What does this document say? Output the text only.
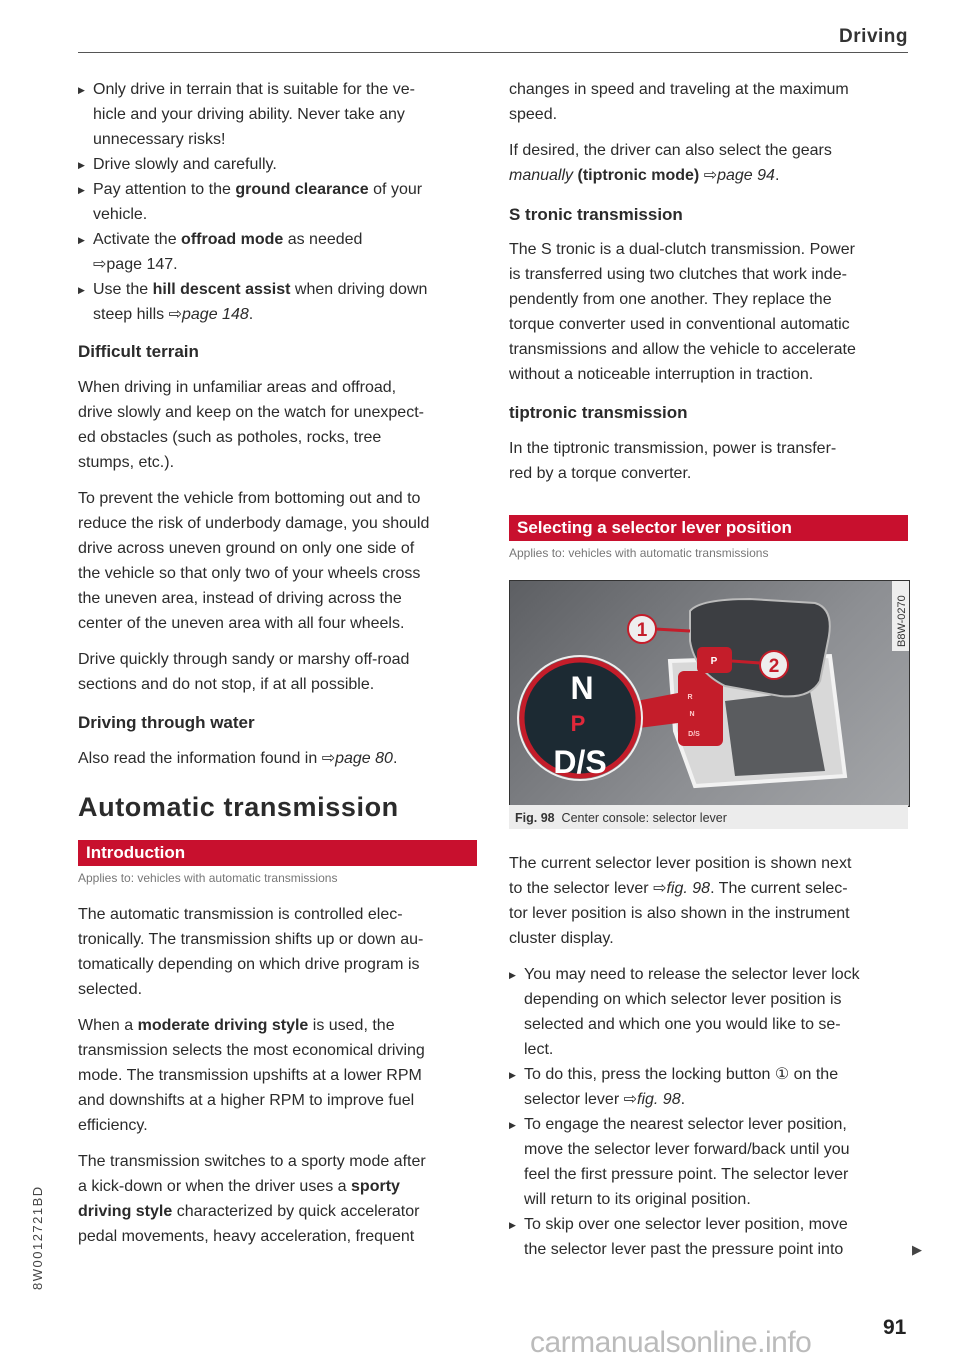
Driving
▶ Only drive in terrain that is suitable for the ve-
hicle and your driving ability. Never take any
unnecessary risks!
▶ Drive slowly and carefully.
▶ Pay attention to the ground clearance of your
vehicle.
▶ Activate the offroad mode as needed
⇨page 147.
▶ Use the hill descent assist when driving down
steep hills ⇨page 148.
Difficult terrain
When driving in unfamiliar areas and offroad,
drive slowly and keep on the watch for unexpect-
ed obstacles (such as potholes, rocks, tree
stumps, etc.).
To prevent the vehicle from bottoming out and to
reduce the risk of underbody damage, you should
drive across uneven ground on only one side of
the vehicle so that only two of your wheels cross
the uneven area, instead of driving across the
center of the uneven area with all four wheels.
Drive quickly through sandy or marshy off-road
sections and do not stop, if at all possible.
Driving through water
Also read the information found in ⇨page 80.
Automatic transmission
Introduction
Applies to: vehicles with automatic transmissions
The automatic transmission is controlled elec-
tronically. The transmission shifts up or down au-
tomatically depending on which drive program is
selected.
When a moderate driving style is used, the
transmission selects the most economical driving
mode. The transmission upshifts at a lower RPM
and downshifts at a higher RPM to improve fuel
efficiency.
The transmission switches to a sporty mode after
a kick-down or when the driver uses a sporty
driving style characterized by quick accelerator
pedal movements, heavy acceleration, frequent
changes in speed and traveling at the maximum
speed.
If desired, the driver can also select the gears
manually (tiptronic mode) ⇨page 94.
S tronic transmission
The S tronic is a dual-clutch transmission. Power
is transferred using two clutches that work inde-
pendently from one another. They replace the
torque converter used in conventional automatic
transmissions and allow the vehicle to accelerate
without a noticeable interruption in traction.
tiptronic transmission
In the tiptronic transmission, power is transfer-
red by a torque converter.
Selecting a selector lever position
Applies to: vehicles with automatic transmissions
P
R
N
D/S
1
2
N
P
D/S
B8W-0270
Fig. 98 Center console: selector lever
The current selector lever position is shown next
to the selector lever ⇨fig. 98. The current selec-
tor lever position is also shown in the instrument
cluster display.
▶ You may need to release the selector lever lock
depending on which selector lever position is
selected and which one you would like to se-
lect.
▶ To do this, press the locking button ① on the
selector lever ⇨fig. 98.
▶ To engage the nearest selector lever position,
move the selector lever forward/back until you
feel the first pressure point. The selector lever
will return to its original position.
▶ To skip over one selector lever position, move
the selector lever past the pressure point into	▶
8W0012721BD
91
carmanualsonline.info
